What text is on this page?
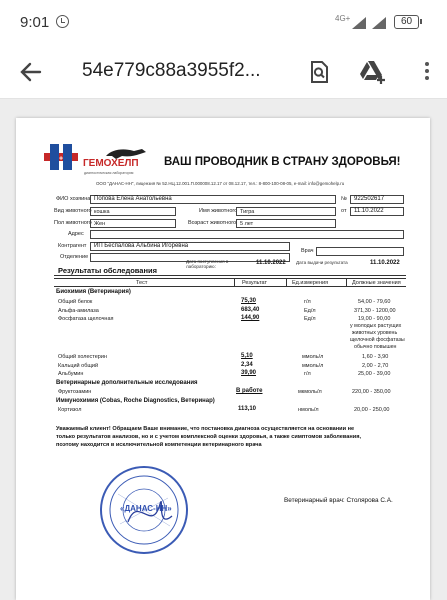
9:01	4G+	60
54e779c88a3955f2...
+ ГЕМОХЕЛП
диагностическая лаборатория
ВАШ ПРОВОДНИК В СТРАНУ ЗДОРОВЬЯ!
ООО "ДАНАС-НН", лицензия № 52.НЦ.12.001.П.000008.12.17 от 08.12.17, тел.: 8-800-100-08-05, e-mail: info@gemohelp.ru
ФИО хозяина Попова Елена Анатольевна	№ 922502617
Вид животного кошка	Имя животного Тигра	от 11.10.2022
Пол животного Жен	Возраст животного 5 лет
Адрес
Контрагент ИП Беспалова Альбина Игоревна
Врач
Отделение
Результаты обследования
Дата поступления в лабораторию:
11.10.2022 Дата выдачи результата	11.10.2022
Тест	Результат	Ед.измерения	Должные значения
Биохимия (Ветеринария)
Общий белок	75,30	г/л	54,00 - 79,60
Альфа-амилаза	683,40	Ед/л	371,30 - 1200,00
Фосфатаза щелочная	144,90	Ед/л	19,00 - 90,00
у молодых растущих
животных уровень
щелочной фосфатазы
обычно повышен
Общий холестерин	5,10	ммоль/л	1,60 - 3,90
Кальций общий	2,34	ммоль/л	2,00 - 2,70
Альбумин	39,90	г/л	25,00 - 39,00
Ветеринарные дополнительные исследования
Фруктозамин	В работе	мкмоль/л	220,00 - 350,00
Иммунохимия (Cobas, Roche Diagnostics, Ветеринар)
Кортизол	113,10	нмоль/л	20,00 - 250,00
Уважаемый клиент! Обращаем Ваше внимание, что постановка диагноза осуществляется на основании не
только результатов анализов, но и с учетом комплексной оценки здоровья, а также симптомов заболевания,
поэтому находится в исключительной компетенции ветеринарного врача
«ДАНАС-НН»
Ветеринарный врач: Столярова С.А.
